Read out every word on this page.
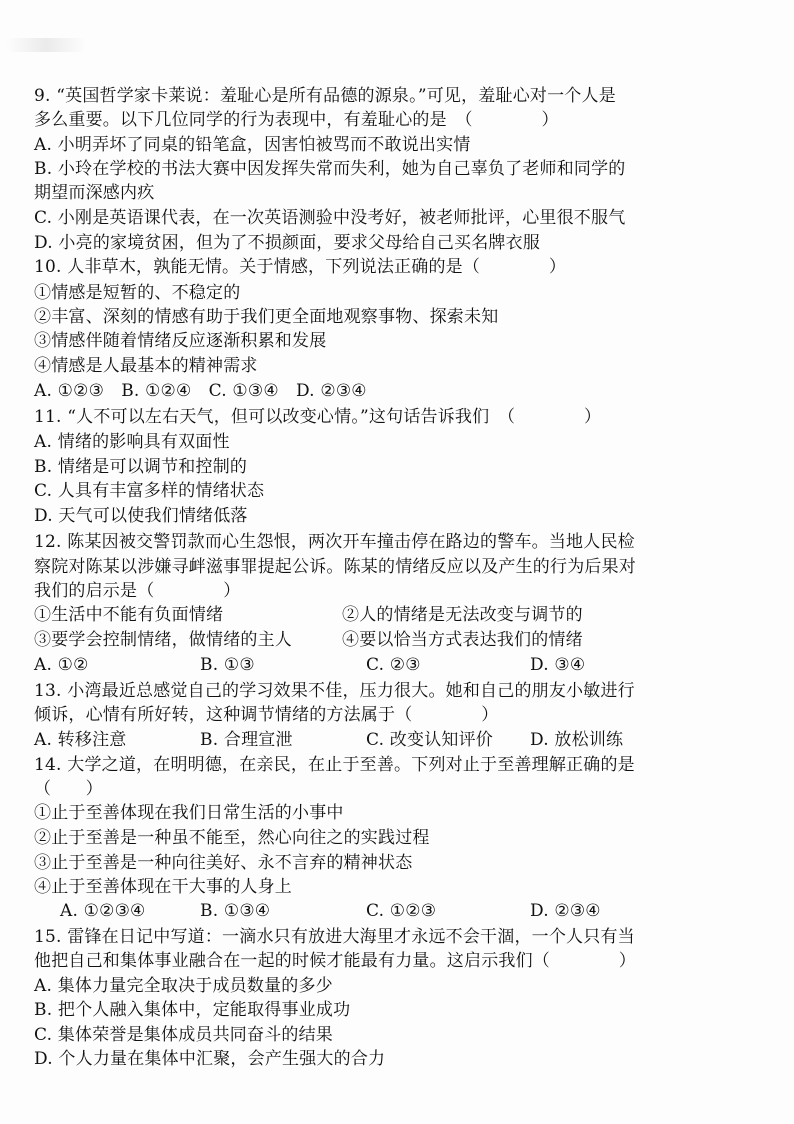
9. “英国哲学家卡莱说：羞耻心是所有品德的源泉。”可见，羞耻心对一个人是
多么重要。以下几位同学的行为表现中，有羞耻心的是　（　　　　）
A. 小明弄坏了同桌的铅笔盒，因害怕被骂而不敢说出实情
B. 小玲在学校的书法大赛中因发挥失常而失利，她为自己辜负了老师和同学的
期望而深感内疚
C. 小刚是英语课代表，在一次英语测验中没考好，被老师批评，心里很不服气
D. 小亮的家境贫困，但为了不损颜面，要求父母给自己买名牌衣服
10. 人非草木，孰能无情。关于情感，下列说法正确的是（　　　　）
①情感是短暂的、不稳定的
②丰富、深刻的情感有助于我们更全面地观察事物、探索未知
③情感伴随着情绪反应逐渐积累和发展
④情感是人最基本的精神需求
A. ①②③　B. ①②④　C. ①③④　D. ②③④
11. “人不可以左右天气，但可以改变心情。”这句话告诉我们　（　　　　）
A. 情绪的影响具有双面性
B. 情绪是可以调节和控制的
C. 人具有丰富多样的情绪状态
D. 天气可以使我们情绪低落
12. 陈某因被交警罚款而心生怨恨，两次开车撞击停在路边的警车。当地人民检
察院对陈某以涉嫌寻衅滋事罪提起公诉。陈某的情绪反应以及产生的行为后果对
我们的启示是（　　　　）
①生活中不能有负面情绪	②人的情绪是无法改变与调节的
③要学会控制情绪，做情绪的主人	④要以恰当方式表达我们的情绪
A. ①②	B. ①③	C. ②③	D. ③④
13. 小湾最近总感觉自己的学习效果不佳，压力很大。她和自己的朋友小敏进行
倾诉，心情有所好转，这种调节情绪的方法属于（　　　　）
A. 转移注意	B. 合理宣泄	C. 改变认知评价 D. 放松训练
14. 大学之道，在明明德，在亲民，在止于至善。下列对止于至善理解正确的是
（　　）
①止于至善体现在我们日常生活的小事中
②止于至善是一种虽不能至，然心向往之的实践过程
③止于至善是一种向往美好、永不言弃的精神状态
④止于至善体现在干大事的人身上
A. ①②③④	B. ①③④	C. ①②③	D. ②③④
15. 雷锋在日记中写道：一滴水只有放进大海里才永远不会干涸，一个人只有当
他把自己和集体事业融合在一起的时候才能最有力量。这启示我们（　　　　）
A. 集体力量完全取决于成员数量的多少
B. 把个人融入集体中，定能取得事业成功
C. 集体荣誉是集体成员共同奋斗的结果
D. 个人力量在集体中汇聚，会产生强大的合力
